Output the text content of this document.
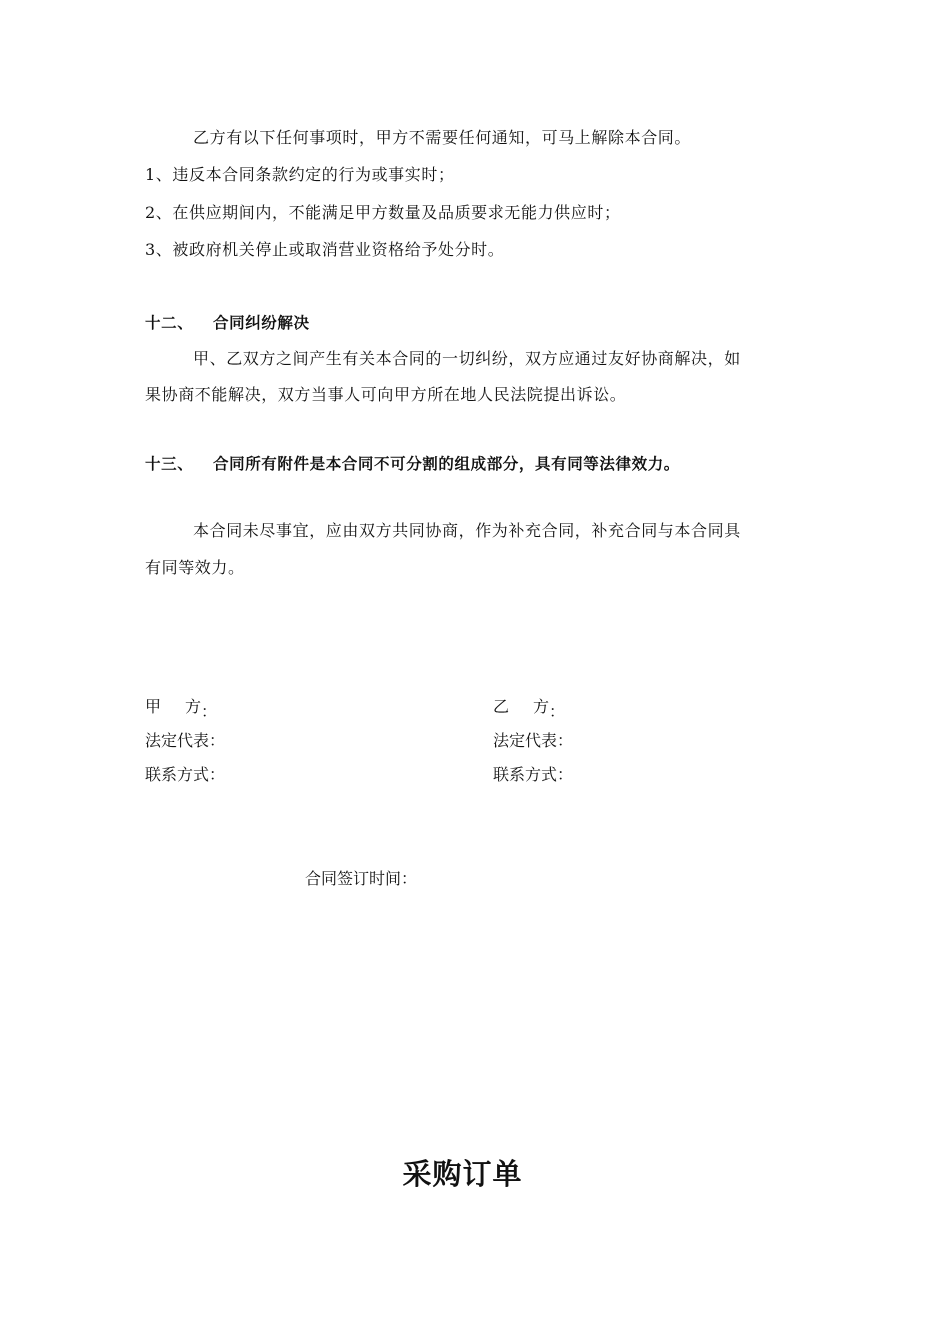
乙方有以下任何事项时，甲方不需要任何通知，可马上解除本合同。
1、违反本合同条款约定的行为或事实时；
2、在供应期间内，不能满足甲方数量及品质要求无能力供应时；
3、被政府机关停止或取消营业资格给予处分时。
十二、 合同纠纷解决
甲、乙双方之间产生有关本合同的一切纠纷，双方应通过友好协商解决，如
果协商不能解决，双方当事人可向甲方所在地人民法院提出诉讼。
十三、 合同所有附件是本合同不可分割的组成部分，具有同等法律效力。
本合同未尽事宜，应由双方共同协商，作为补充合同，补充合同与本合同具
有同等效力。
甲 方 ：	乙 方 ：
法定代表：	法定代表：
联系方式：	联系方式：
合同签订时间：
采购订单
